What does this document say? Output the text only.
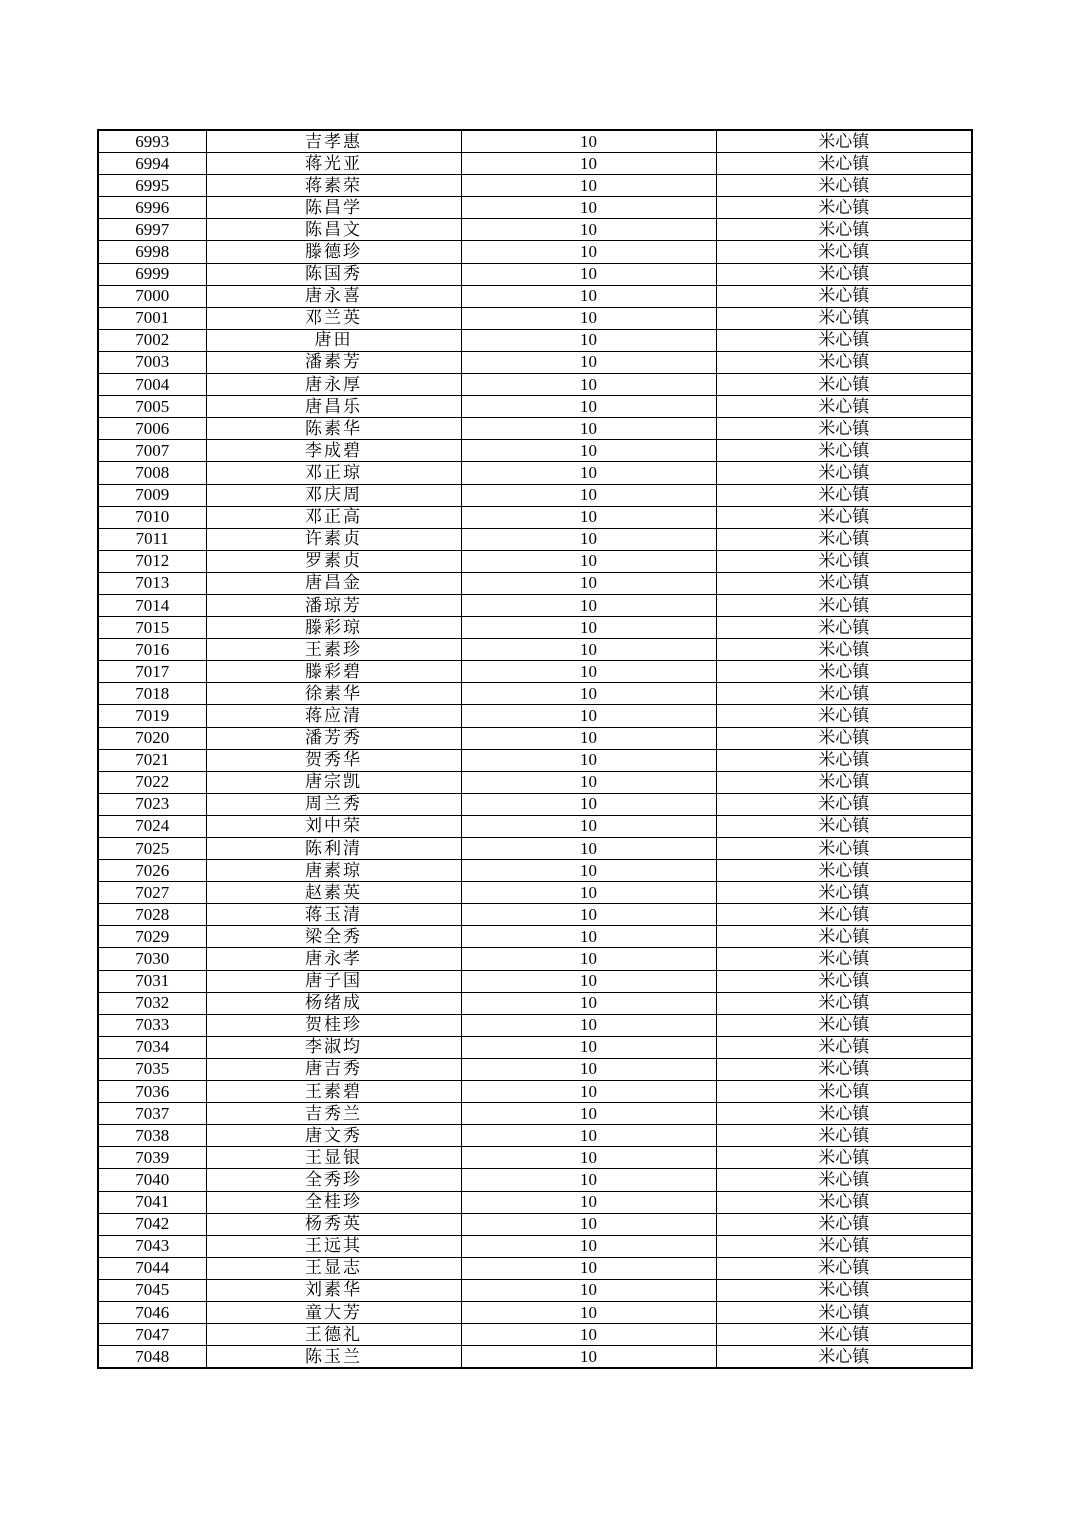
6993	吉孝惠	10	米心镇
6994	蒋光亚	10	米心镇
6995	蒋素荣	10	米心镇
6996	陈昌学	10	米心镇
6997	陈昌文	10	米心镇
6998	滕德珍	10	米心镇
6999	陈国秀	10	米心镇
7000	唐永喜	10	米心镇
7001	邓兰英	10	米心镇
7002	唐田	10	米心镇
7003	潘素芳	10	米心镇
7004	唐永厚	10	米心镇
7005	唐昌乐	10	米心镇
7006	陈素华	10	米心镇
7007	李成碧	10	米心镇
7008	邓正琼	10	米心镇
7009	邓庆周	10	米心镇
7010	邓正高	10	米心镇
7011	许素贞	10	米心镇
7012	罗素贞	10	米心镇
7013	唐昌金	10	米心镇
7014	潘琼芳	10	米心镇
7015	滕彩琼	10	米心镇
7016	王素珍	10	米心镇
7017	滕彩碧	10	米心镇
7018	徐素华	10	米心镇
7019	蒋应清	10	米心镇
7020	潘芳秀	10	米心镇
7021	贺秀华	10	米心镇
7022	唐宗凯	10	米心镇
7023	周兰秀	10	米心镇
7024	刘中荣	10	米心镇
7025	陈利清	10	米心镇
7026	唐素琼	10	米心镇
7027	赵素英	10	米心镇
7028	蒋玉清	10	米心镇
7029	梁全秀	10	米心镇
7030	唐永孝	10	米心镇
7031	唐子国	10	米心镇
7032	杨绪成	10	米心镇
7033	贺桂珍	10	米心镇
7034	李淑均	10	米心镇
7035	唐吉秀	10	米心镇
7036	王素碧	10	米心镇
7037	吉秀兰	10	米心镇
7038	唐文秀	10	米心镇
7039	王显银	10	米心镇
7040	全秀珍	10	米心镇
7041	全桂珍	10	米心镇
7042	杨秀英	10	米心镇
7043	王远其	10	米心镇
7044	王显志	10	米心镇
7045	刘素华	10	米心镇
7046	童大芳	10	米心镇
7047	王德礼	10	米心镇
7048	陈玉兰	10	米心镇
